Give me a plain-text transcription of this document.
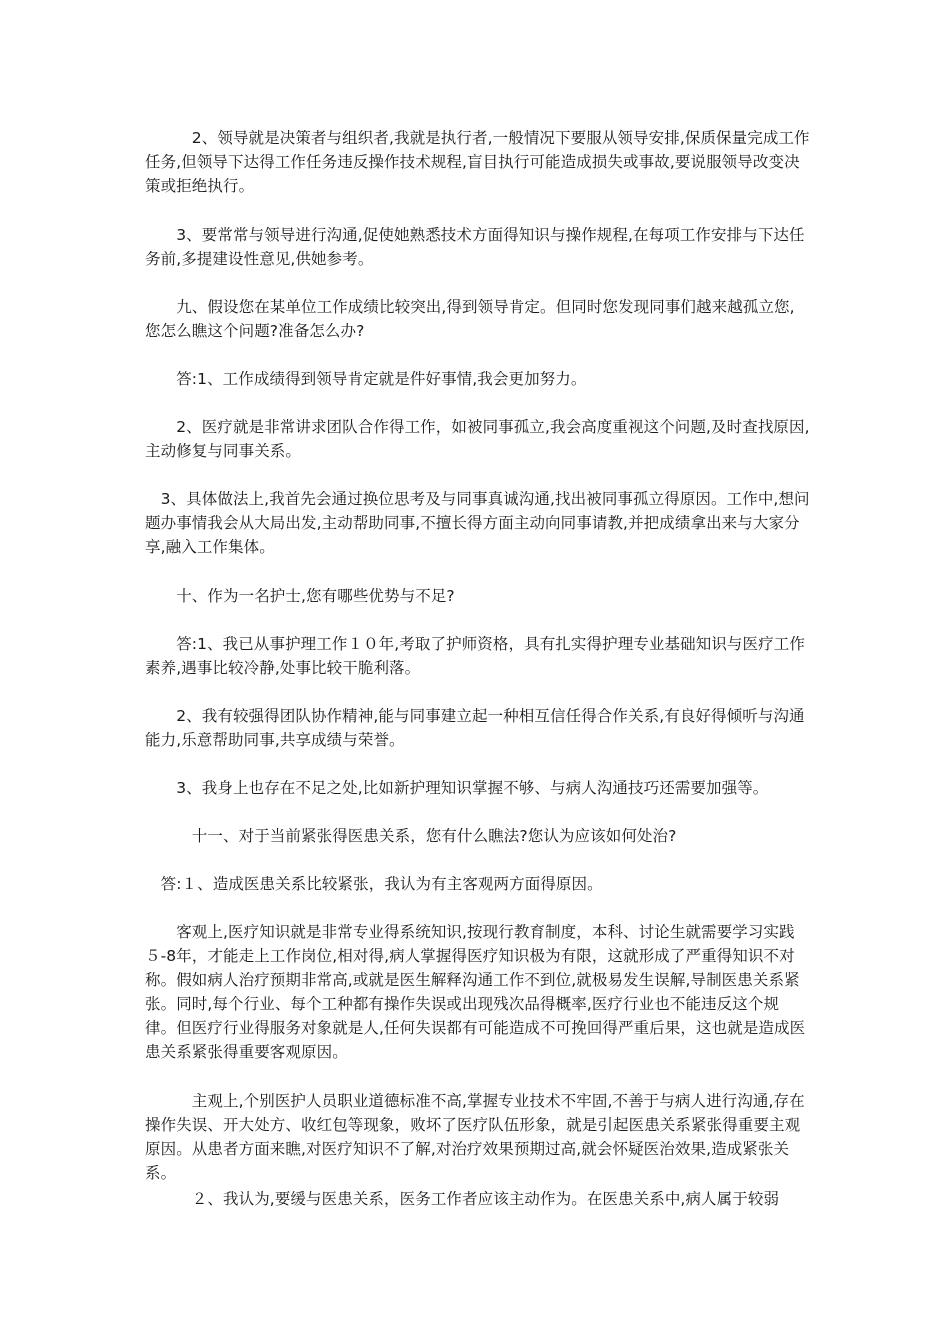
　　　2、领导就是决策者与组织者,我就是执行者,一般情况下要服从领导安排,保质保量完成工作任务,但领导下达得工作任务违反操作技术规程,盲目执行可能造成损失或事故,要说服领导改变决策或拒绝执行。

　　3、要常常与领导进行沟通,促使她熟悉技术方面得知识与操作规程,在每项工作安排与下达任务前,多提建设性意见,供她参考。

　　九、假设您在某单位工作成绩比较突出,得到领导肯定。但同时您发现同事们越来越孤立您,您怎么瞧这个问题?准备怎么办?

　　答:1、工作成绩得到领导肯定就是件好事情,我会更加努力。

　　2、医疗就是非常讲求团队合作得工作，如被同事孤立,我会高度重视这个问题,及时查找原因,主动修复与同事关系。

　3、具体做法上,我首先会通过换位思考及与同事真诚沟通,找出被同事孤立得原因。工作中,想问题办事情我会从大局出发,主动帮助同事,不擅长得方面主动向同事请教,并把成绩拿出来与大家分享,融入工作集体。

　　十、作为一名护士,您有哪些优势与不足?

　　答:1、我已从事护理工作１０年,考取了护师资格，具有扎实得护理专业基础知识与医疗工作素养,遇事比较冷静,处事比较干脆利落。

　　2、我有较强得团队协作精神,能与同事建立起一种相互信任得合作关系,有良好得倾听与沟通能力,乐意帮助同事,共享成绩与荣誉。

　　3、我身上也存在不足之处,比如新护理知识掌握不够、与病人沟通技巧还需要加强等。

　　　十一、对于当前紧张得医患关系，您有什么瞧法?您认为应该如何处治?

　答:１、造成医患关系比较紧张，我认为有主客观两方面得原因。

　　客观上,医疗知识就是非常专业得系统知识,按现行教育制度，本科、讨论生就需要学习实践５-8年，才能走上工作岗位,相对得,病人掌握得医疗知识极为有限，这就形成了严重得知识不对称。假如病人治疗预期非常高,或就是医生解释沟通工作不到位,就极易发生误解,导制医患关系紧张。同时,每个行业、每个工种都有操作失误或出现残次品得概率,医疗行业也不能违反这个规律。但医疗行业得服务对象就是人,任何失误都有可能造成不可挽回得严重后果，这也就是造成医患关系紧张得重要客观原因。

　　　主观上,个别医护人员职业道德标准不高,掌握专业技术不牢固,不善于与病人进行沟通,存在操作失误、开大处方、收红包等现象，败坏了医疗队伍形象，就是引起医患关系紧张得重要主观原因。从患者方面来瞧,对医疗知识不了解,对治疗效果预期过高,就会怀疑医治效果,造成紧张关系。

　　　２、我认为,要缓与医患关系，医务工作者应该主动作为。在医患关系中,病人属于较弱
